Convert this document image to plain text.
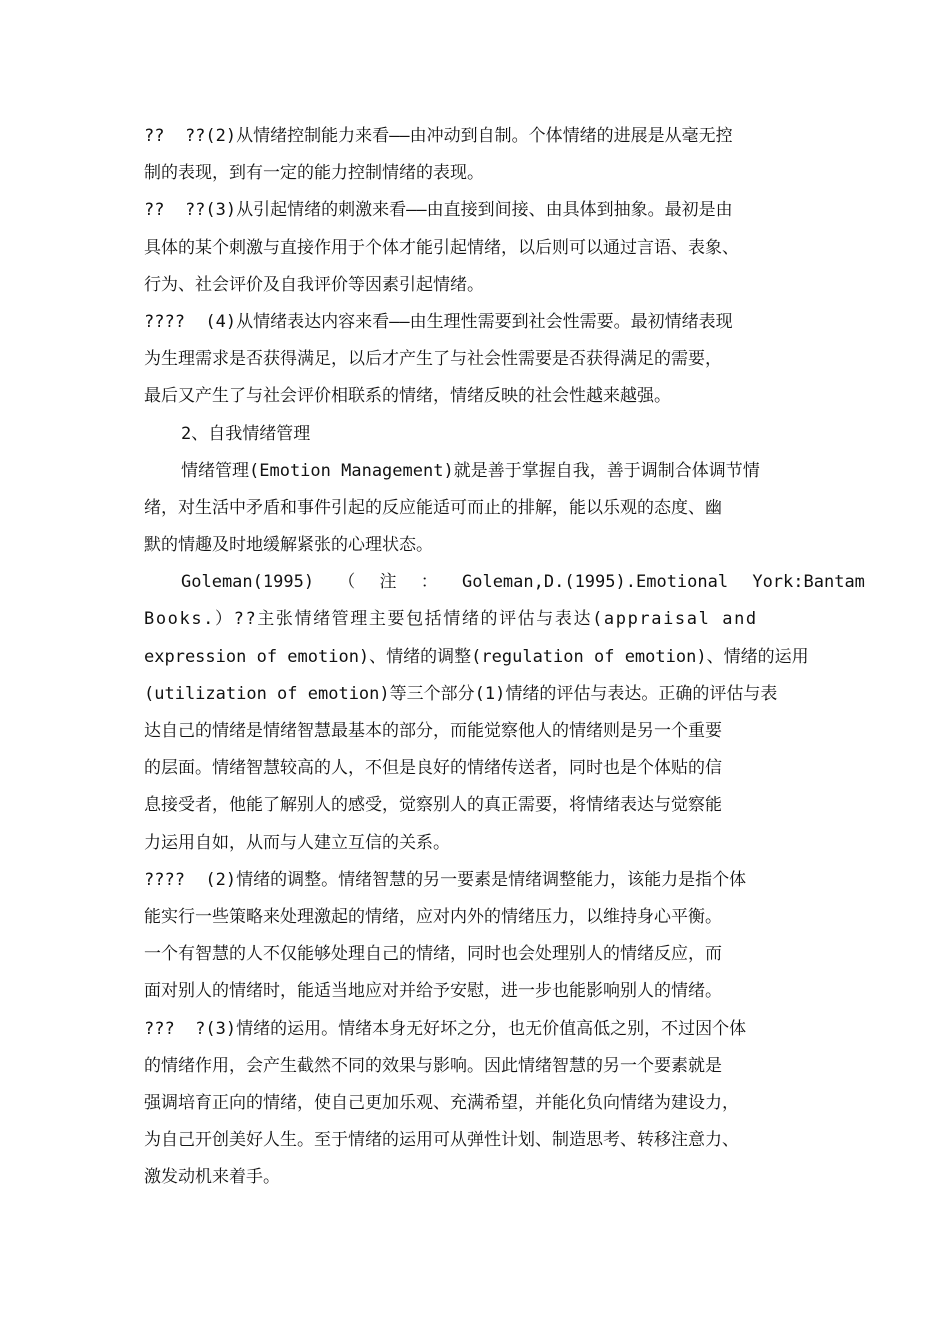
??  ??(2)从情绪控制能力来看——由冲动到自制。个体情绪的进展是从毫无控
制的表现，到有一定的能力控制情绪的表现。
??  ??(3)从引起情绪的刺激来看——由直接到间接、由具体到抽象。最初是由
具体的某个刺激与直接作用于个体才能引起情绪，以后则可以通过言语、表象、
行为、社会评价及自我评价等因素引起情绪。
????  (4)从情绪表达内容来看——由生理性需要到社会性需要。最初情绪表现
为生理需求是否获得满足，以后才产生了与社会性需要是否获得满足的需要，
最后又产生了与社会评价相联系的情绪，情绪反映的社会性越来越强。
2、自我情绪管理
情绪管理(Emotion Management)就是善于掌握自我，善于调制合体调节情
绪，对生活中矛盾和事件引起的反应能适可而止的排解，能以乐观的态度、幽
默的情趣及时地缓解紧张的心理状态。
Goleman(1995) （ 注 ： Goleman,D.(1995).Emotional York:Bantam
Books.）??主张情绪管理主要包括情绪的评估与表达(appraisal and
expression of emotion)、情绪的调整(regulation of emotion)、情绪的运用
(utilization of emotion)等三个部分(1)情绪的评估与表达。正确的评估与表
达自己的情绪是情绪智慧最基本的部分，而能觉察他人的情绪则是另一个重要
的层面。情绪智慧较高的人，不但是良好的情绪传送者，同时也是个体贴的信
息接受者，他能了解别人的感受，觉察别人的真正需要，将情绪表达与觉察能
力运用自如，从而与人建立互信的关系。
????  (2)情绪的调整。情绪智慧的另一要素是情绪调整能力，该能力是指个体
能实行一些策略来处理激起的情绪，应对内外的情绪压力，以维持身心平衡。
一个有智慧的人不仅能够处理自己的情绪，同时也会处理别人的情绪反应，而
面对别人的情绪时，能适当地应对并给予安慰，进一步也能影响别人的情绪。
???  ?(3)情绪的运用。情绪本身无好坏之分，也无价值高低之别，不过因个体
的情绪作用，会产生截然不同的效果与影响。因此情绪智慧的另一个要素就是
强调培育正向的情绪，使自己更加乐观、充满希望，并能化负向情绪为建设力，
为自己开创美好人生。至于情绪的运用可从弹性计划、制造思考、转移注意力、
激发动机来着手。
